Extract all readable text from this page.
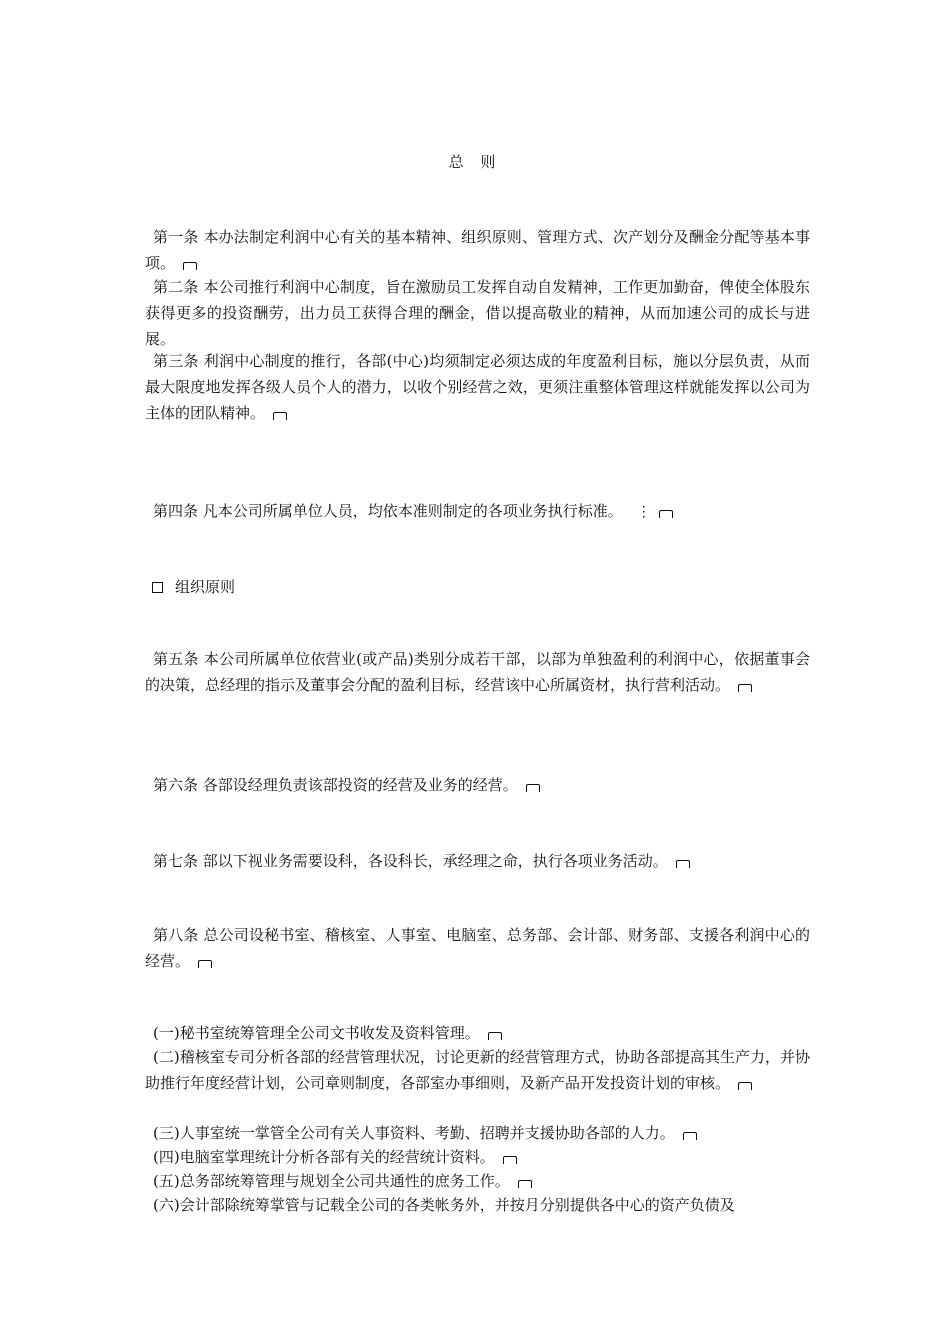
总 则
第一条 本办法制定利润中心有关的基本精神、组织原则、管理方式、次产划分及酬金分配等基本事项。
第二条 本公司推行利润中心制度，旨在激励员工发挥自动自发精神，工作更加勤奋，俾使全体股东获得更多的投资酬劳，出力员工获得合理的酬金，借以提高敬业的精神，从而加速公司的成长与进展。
第三条 利润中心制度的推行，各部(中心)均须制定必须达成的年度盈利目标，施以分层负责，从而最大限度地发挥各级人员个人的潜力，以收个别经营之效，更须注重整体管理这样就能发挥以公司为主体的团队精神。
第四条 凡本公司所属单位人员，均依本准则制定的各项业务执行标准。 ⋮
组织原则
第五条 本公司所属单位依营业(或产品)类别分成若干部，以部为单独盈利的利润中心，依据董事会的决策，总经理的指示及董事会分配的盈利目标，经营该中心所属资材，执行营利活动。
第六条 各部设经理负责该部投资的经营及业务的经营。
第七条 部以下视业务需要设科，各设科长，承经理之命，执行各项业务活动。
第八条 总公司设秘书室、稽核室、人事室、电脑室、总务部、会计部、财务部、支援各利润中心的经营。
(一)秘书室统筹管理全公司文书收发及资料管理。
(二)稽核室专司分析各部的经营管理状况，讨论更新的经营管理方式，协助各部提高其生产力，并协助推行年度经营计划，公司章则制度，各部室办事细则，及新产品开发投资计划的审核。
(三)人事室统一掌管全公司有关人事资料、考勤、招聘并支援协助各部的人力。
(四)电脑室掌理统计分析各部有关的经营统计资料。
(五)总务部统筹管理与规划全公司共通性的庶务工作。
(六)会计部除统筹掌管与记载全公司的各类帐务外，并按月分别提供各中心的资产负债及
